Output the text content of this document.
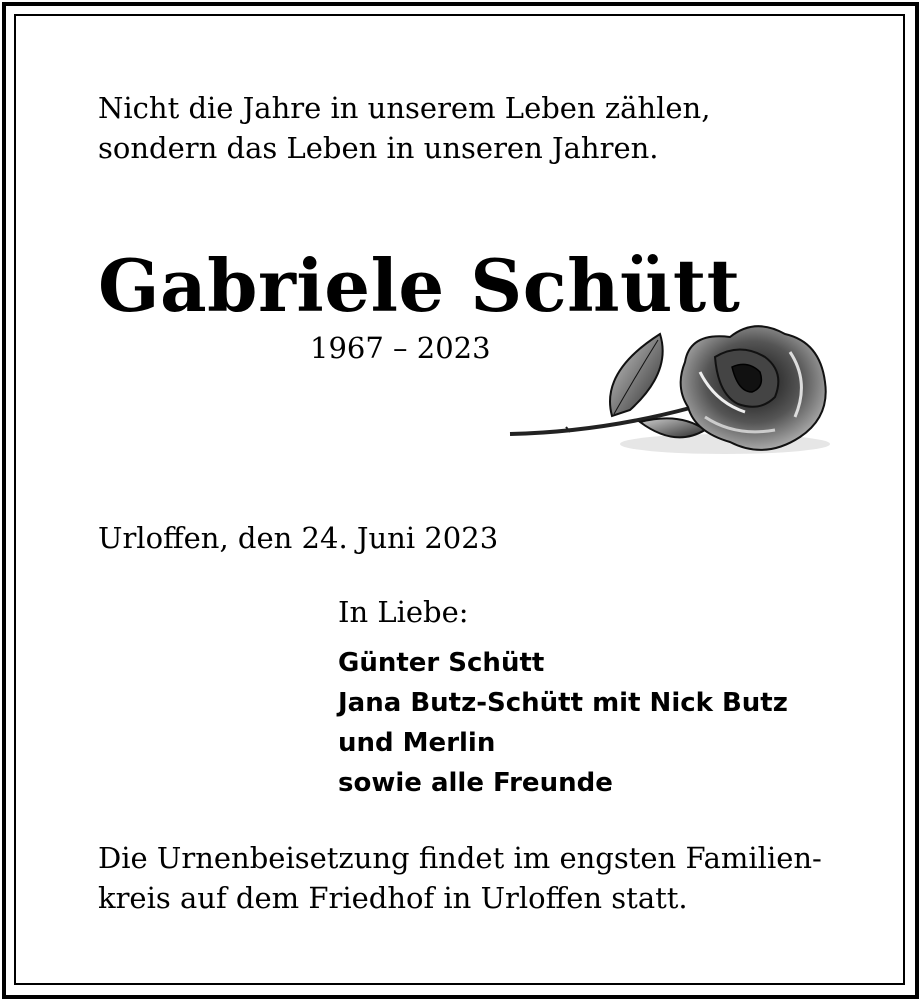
Nicht die Jahre in unserem Leben zählen,
sondern das Leben in unseren Jahren.
Gabriele Schütt
1967 – 2023
Urloffen, den 24. Juni 2023
In Liebe:
Günter Schütt
Jana Butz-Schütt mit Nick Butz
und Merlin
sowie alle Freunde
Die Urnenbeisetzung findet im engsten Familien-
kreis auf dem Friedhof in Urloffen statt.
